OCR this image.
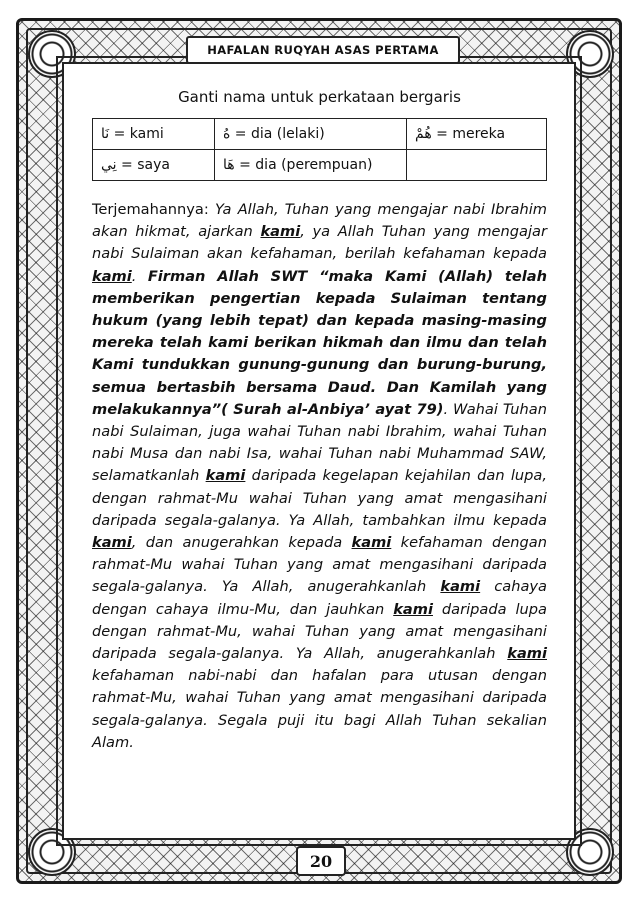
HAFALAN RUQYAH ASAS PERTAMA

Ganti nama untuk perkataan bergaris

نَا = kami	هُ = dia (lelaki)	هُمْ = mereka
نِي = saya	هَا = dia (perempuan)	

Terjemahannya: Ya Allah, Tuhan yang mengajar nabi Ibrahim akan hikmat, ajarkan kami, ya Allah Tuhan yang mengajar nabi Sulaiman akan kefahaman, berilah kefahaman kepada kami. Firman Allah SWT “maka Kami (Allah) telah memberikan pengertian kepada Sulaiman tentang hukum (yang lebih tepat) dan kepada masing-masing mereka telah kami berikan hikmah dan ilmu dan telah Kami tundukkan gunung-gunung dan burung-burung, semua bertasbih bersama Daud. Dan Kamilah yang melakukannya”( Surah al-Anbiya’ ayat 79). Wahai Tuhan nabi Sulaiman, juga wahai Tuhan nabi Ibrahim, wahai Tuhan nabi Musa dan nabi Isa, wahai Tuhan nabi Muhammad SAW, selamatkanlah kami daripada kegelapan kejahilan dan lupa, dengan rahmat-Mu wahai Tuhan yang amat mengasihani daripada segala-galanya. Ya Allah, tambahkan ilmu kepada kami, dan anugerahkan kepada kami kefahaman dengan rahmat-Mu wahai Tuhan yang amat mengasihani daripada segala-galanya. Ya Allah, anugerahkanlah kami cahaya dengan cahaya ilmu-Mu, dan jauhkan kami daripada lupa dengan rahmat-Mu, wahai Tuhan yang amat mengasihani daripada segala-galanya. Ya Allah, anugerahkanlah kami kefahaman nabi-nabi dan hafalan para utusan dengan rahmat-Mu, wahai Tuhan yang amat mengasihani daripada segala-galanya. Segala puji itu bagi Allah Tuhan sekalian Alam.

20
